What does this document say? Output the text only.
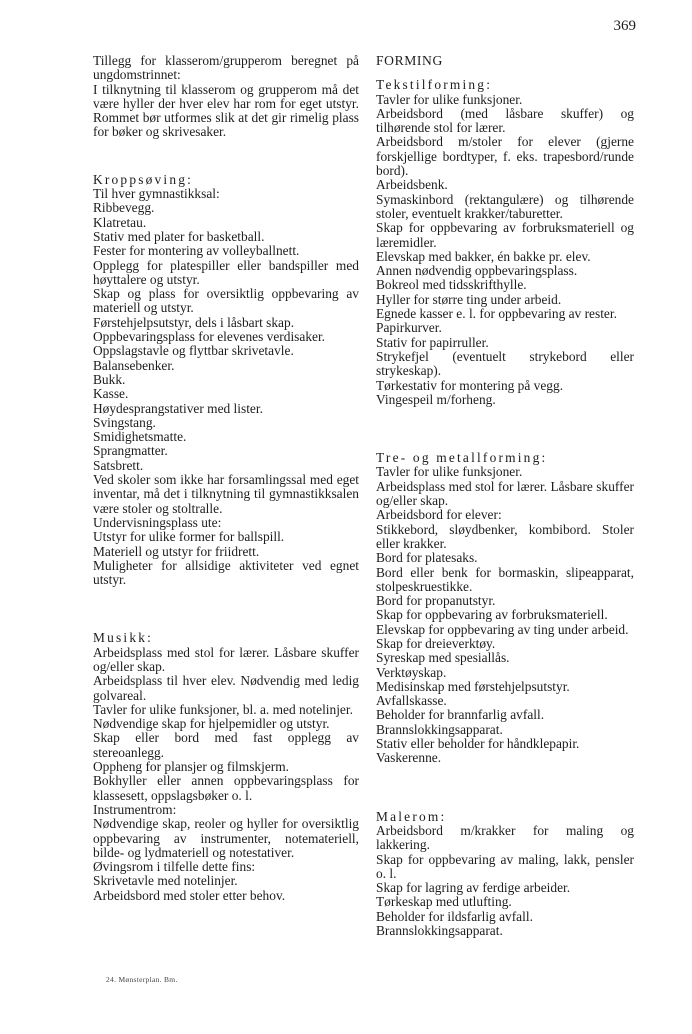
369

Tillegg for klasserom/grupperom beregnet på ungdomstrinnet:

I tilknytning til klasserom og grupperom må det være hyller der hver elev har rom for eget utstyr. Rommet bør utformes slik at det gir rimelig plass for bøker og skrivesaker.

Kroppsøving:

Til hver gymnastikksal:

Ribbevegg.

Klatretau.

Stativ med plater for basketball.

Fester for montering av volleyballnett.

Opplegg for platespiller eller bandspiller med høyttalere og utstyr.

Skap og plass for oversiktlig oppbevaring av materiell og utstyr.

Førstehjelpsutstyr, dels i låsbart skap.

Oppbevaringsplass for elevenes verdisaker.

Oppslagstavle og flyttbar skrivetavle.

Balansebenker.

Bukk.

Kasse.

Høydesprangstativer med lister.

Svingstang.

Smidighetsmatte.

Sprangmatter.

Satsbrett.

Ved skoler som ikke har forsamlingssal med eget inventar, må det i tilknytning til gymnastikksalen være stoler og stoltralle.

Undervisningsplass ute:

Utstyr for ulike former for ballspill.

Materiell og utstyr for friidrett.

Muligheter for allsidige aktiviteter ved egnet utstyr.

Musikk:

Arbeidsplass med stol for lærer. Låsbare skuffer og/eller skap.

Arbeidsplass til hver elev. Nødvendig med ledig golvareal.

Tavler for ulike funksjoner, bl. a. med notelinjer.

Nødvendige skap for hjelpemidler og utstyr.

Skap eller bord med fast opplegg av stereoanlegg.

Oppheng for plansjer og filmskjerm.

Bokhyller eller annen oppbevaringsplass for klassesett, oppslagsbøker o. l.

Instrumentrom:

Nødvendige skap, reoler og hyller for oversiktlig oppbevaring av instrumenter, notemateriell, bilde- og lydmateriell og notestativer.

Øvingsrom i tilfelle dette fins:

Skrivetavle med notelinjer.

Arbeidsbord med stoler etter behov.

24. Mønsterplan. Bm.

FORMING

Tekstilforming:

Tavler for ulike funksjoner.

Arbeidsbord (med låsbare skuffer) og tilhørende stol for lærer.

Arbeidsbord m/stoler for elever (gjerne forskjellige bordtyper, f. eks. trapesbord/runde bord).

Arbeidsbenk.

Symaskinbord (rektangulære) og tilhørende stoler, eventuelt krakker/taburetter.

Skap for oppbevaring av forbruksmateriell og læremidler.

Elevskap med bakker, én bakke pr. elev.

Annen nødvendig oppbevaringsplass.

Bokreol med tidsskrifthylle.

Hyller for større ting under arbeid.

Egnede kasser e. l. for oppbevaring av rester.

Papirkurver.

Stativ for papirruller.

Strykefjel (eventuelt strykebord eller strykeskap).

Tørkestativ for montering på vegg.

Vingespeil m/forheng.

Tre- og metallforming:

Tavler for ulike funksjoner.

Arbeidsplass med stol for lærer. Låsbare skuffer og/eller skap.

Arbeidsbord for elever:

Stikkebord, sløydbenker, kombibord. Stoler eller krakker.

Bord for platesaks.

Bord eller benk for bormaskin, slipeapparat, stolpeskruestikke.

Bord for propanutstyr.

Skap for oppbevaring av forbruksmateriell.

Elevskap for oppbevaring av ting under arbeid.

Skap for dreieverktøy.

Syreskap med spesiallås.

Verktøyskap.

Medisinskap med førstehjelpsutstyr.

Avfallskasse.

Beholder for brannfarlig avfall.

Brannslokkingsapparat.

Stativ eller beholder for håndklepapir.

Vaskerenne.

Malerom:

Arbeidsbord m/krakker for maling og lakkering.

Skap for oppbevaring av maling, lakk, pensler o. l.

Skap for lagring av ferdige arbeider.

Tørkeskap med utlufting.

Beholder for ildsfarlig avfall.

Brannslokkingsapparat.
